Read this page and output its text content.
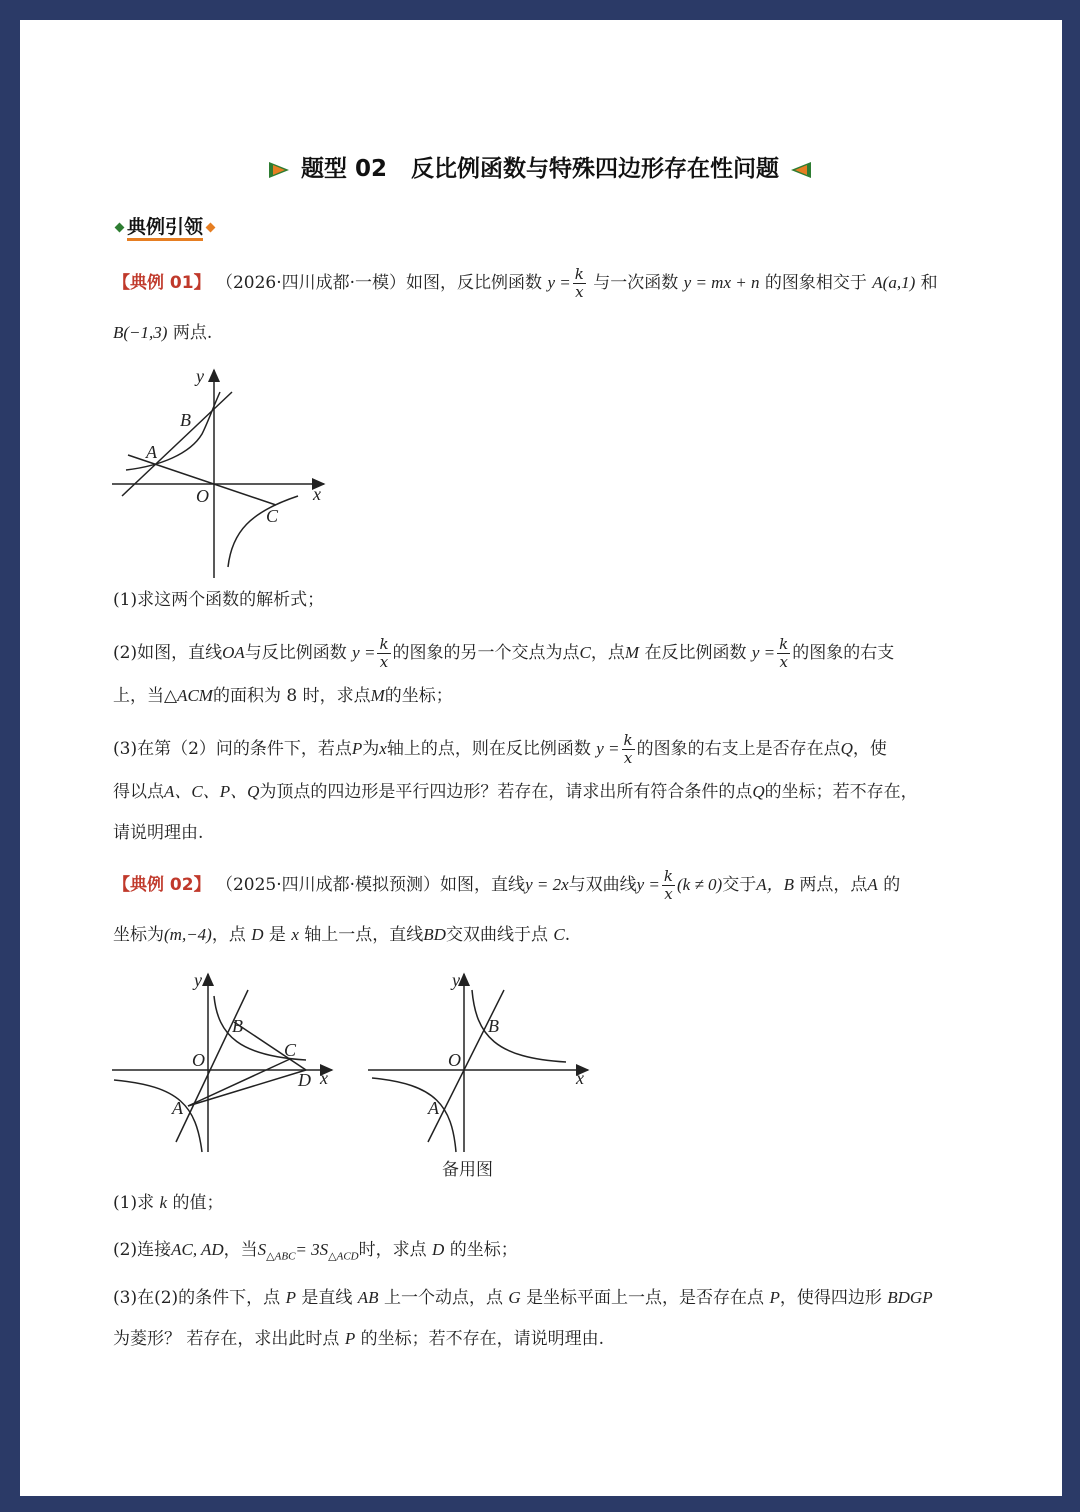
题型 02 反比例函数与特殊四边形存在性问题
典例引领
【典例 01】 （2026·四川成都·一模）如图，反比例函数 $y = \frac{k}{x}$ 与一次函数 y = mx + n 的图象相交于 A(a,1) 和
B(−1,3) 两点.
y
x
O
A
B
C
(1)求这两个函数的解析式；
(2)如图，直线OA与反比例函数 $y = \frac{k}{x}$ 的图象的另一个交点为点C，点M 在反比例函数 $y = \frac{k}{x}$ 的图象的右支
上，当△ACM的面积为 8 时，求点M的坐标；
(3)在第（2）问的条件下，若点P为x轴上的点，则在反比例函数 $y = \frac{k}{x}$ 的图象的右支上是否存在点Q，使
得以点A、C、P、Q为顶点的四边形是平行四边形？若存在，请求出所有符合条件的点Q的坐标；若不存在，
请说明理由.
【典例 02】 （2025·四川成都·模拟预测）如图，直线y = 2x与双曲线$y = \frac{k}{x} (k \ne 0)$交于A，B 两点，点A 的
坐标为(m,−4)，点 D 是 x 轴上一点，直线BD交双曲线于点 C.
y
x
O
A
B
C
D
y
x
O
A
B
备用图
(1)求 k 的值；
(2)连接AC, AD，当$S_{\triangle ABC}= 3S_{\triangle ACD}$时，求点 D 的坐标；
(3)在(2)的条件下，点 P 是直线 AB 上一个动点，点 G 是坐标平面上一点，是否存在点 P，使得四边形 BDGP
为菱形？ 若存在，求出此时点 P 的坐标；若不存在，请说明理由.
